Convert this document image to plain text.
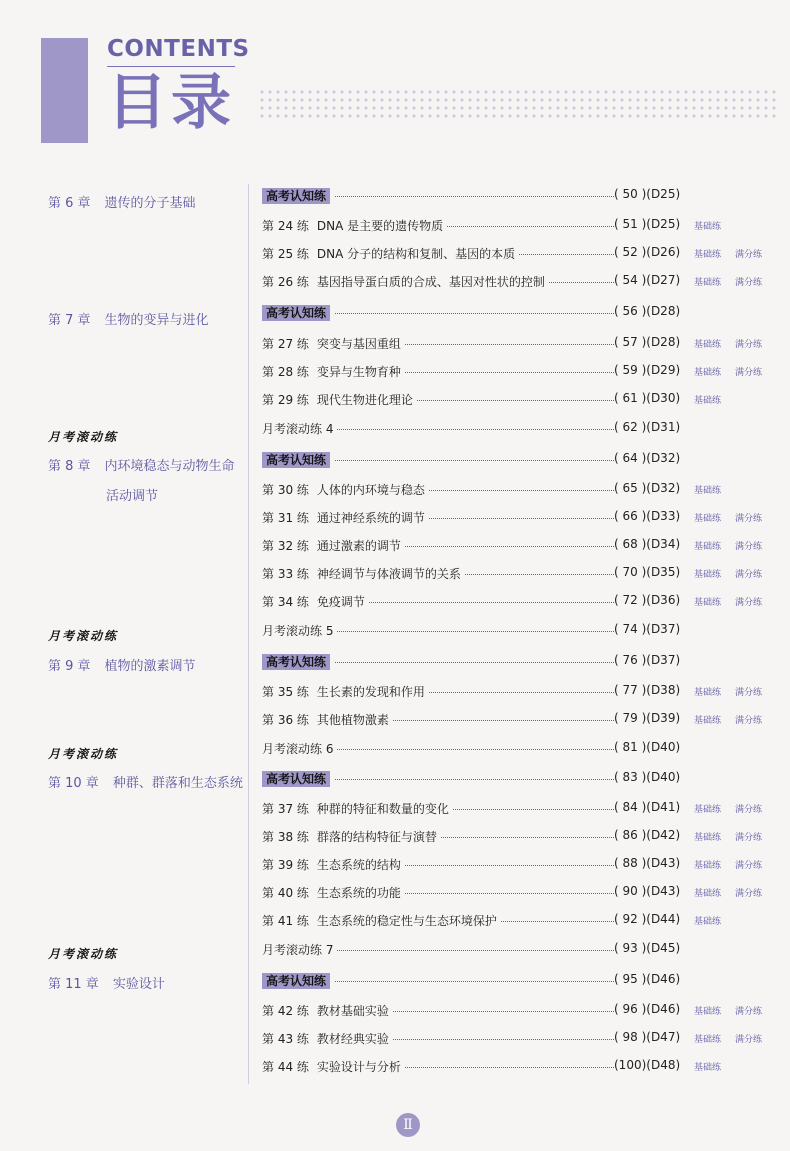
CONTENTS
目录
第 6 章 遗传的分子基础
第 7 章 生物的变异与进化
月考滚动练
第 8 章 内环境稳态与动物生命
活动调节
月考滚动练
第 9 章 植物的激素调节
月考滚动练
第 10 章 种群、群落和生态系统
月考滚动练
第 11 章 实验设计
高考认知练	( 50 )(D25)
第 24 练 DNA 是主要的遗传物质	( 51 )(D25) 基础练
第 25 练 DNA 分子的结构和复制、基因的本质	( 52 )(D26) 基础练 满分练
第 26 练 基因指导蛋白质的合成、基因对性状的控制	( 54 )(D27) 基础练 满分练
高考认知练	( 56 )(D28)
第 27 练 突变与基因重组	( 57 )(D28) 基础练 满分练
第 28 练 变异与生物育种	( 59 )(D29) 基础练 满分练
第 29 练 现代生物进化理论	( 61 )(D30) 基础练
月考滚动练 4	( 62 )(D31)
高考认知练	( 64 )(D32)
第 30 练 人体的内环境与稳态	( 65 )(D32) 基础练
第 31 练 通过神经系统的调节	( 66 )(D33) 基础练 满分练
第 32 练 通过激素的调节	( 68 )(D34) 基础练 满分练
第 33 练 神经调节与体液调节的关系	( 70 )(D35) 基础练 满分练
第 34 练 免疫调节	( 72 )(D36) 基础练 满分练
月考滚动练 5	( 74 )(D37)
高考认知练	( 76 )(D37)
第 35 练 生长素的发现和作用	( 77 )(D38) 基础练 满分练
第 36 练 其他植物激素	( 79 )(D39) 基础练 满分练
月考滚动练 6	( 81 )(D40)
高考认知练	( 83 )(D40)
第 37 练 种群的特征和数量的变化	( 84 )(D41) 基础练 满分练
第 38 练 群落的结构特征与演替	( 86 )(D42) 基础练 满分练
第 39 练 生态系统的结构	( 88 )(D43) 基础练 满分练
第 40 练 生态系统的功能	( 90 )(D43) 基础练 满分练
第 41 练 生态系统的稳定性与生态环境保护	( 92 )(D44) 基础练
月考滚动练 7	( 93 )(D45)
高考认知练	( 95 )(D46)
第 42 练 教材基础实验	( 96 )(D46) 基础练 满分练
第 43 练 教材经典实验	( 98 )(D47) 基础练 满分练
第 44 练 实验设计与分析	(100)(D48) 基础练
Ⅱ
